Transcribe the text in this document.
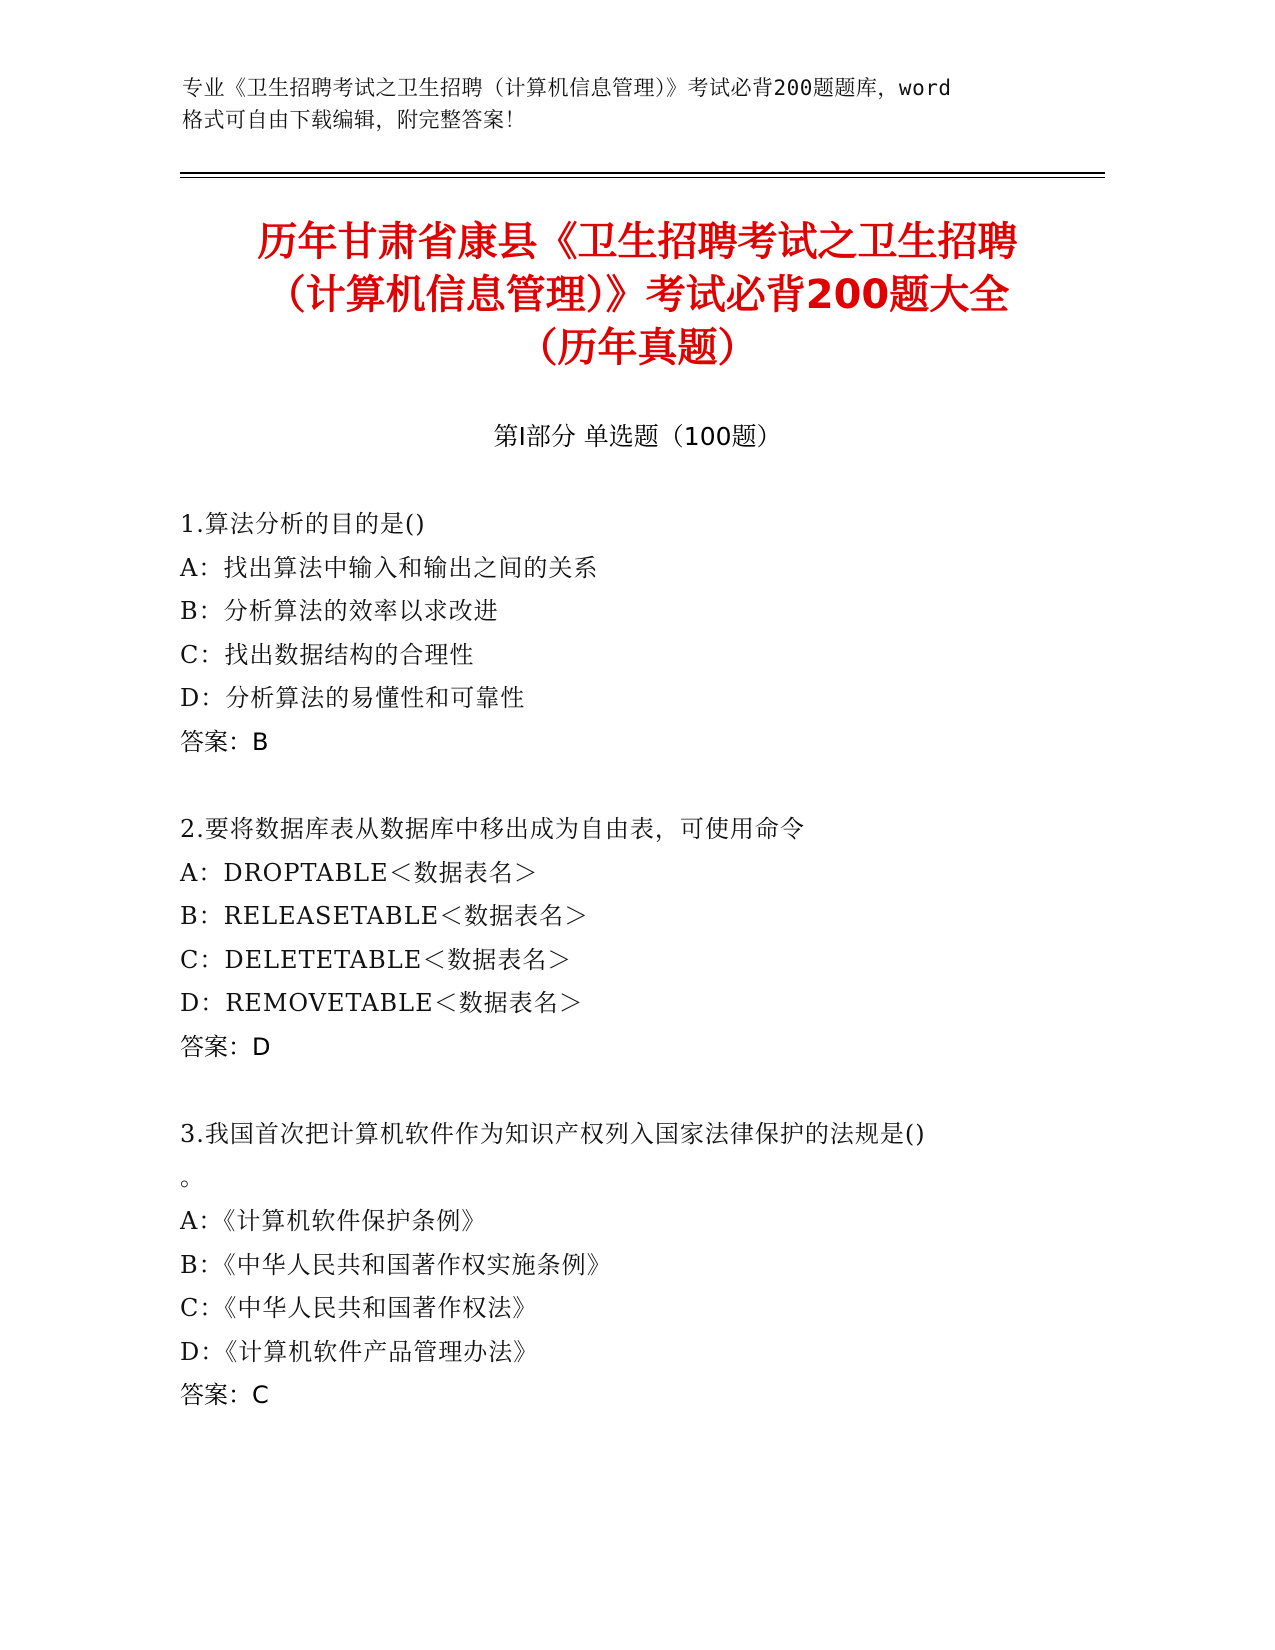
专业《卫生招聘考试之卫生招聘（计算机信息管理）》考试必背200题题库，word
格式可自由下载编辑，附完整答案！
历年甘肃省康县《卫生招聘考试之卫生招聘
（计算机信息管理）》考试必背200题大全
（历年真题）
第Ⅰ部分 单选题（100题）
1.算法分析的目的是()
A：找出算法中输入和输出之间的关系
B：分析算法的效率以求改进
C：找出数据结构的合理性
D：分析算法的易懂性和可靠性
答案：B
2.要将数据库表从数据库中移出成为自由表，可使用命令
A：DROPTABLE＜数据表名＞
B：RELEASETABLE＜数据表名＞
C：DELETETABLE＜数据表名＞
D：REMOVETABLE＜数据表名＞
答案：D
3.我国首次把计算机软件作为知识产权列入国家法律保护的法规是()
。
A：《计算机软件保护条例》
B：《中华人民共和国著作权实施条例》
C：《中华人民共和国著作权法》
D：《计算机软件产品管理办法》
答案：C
